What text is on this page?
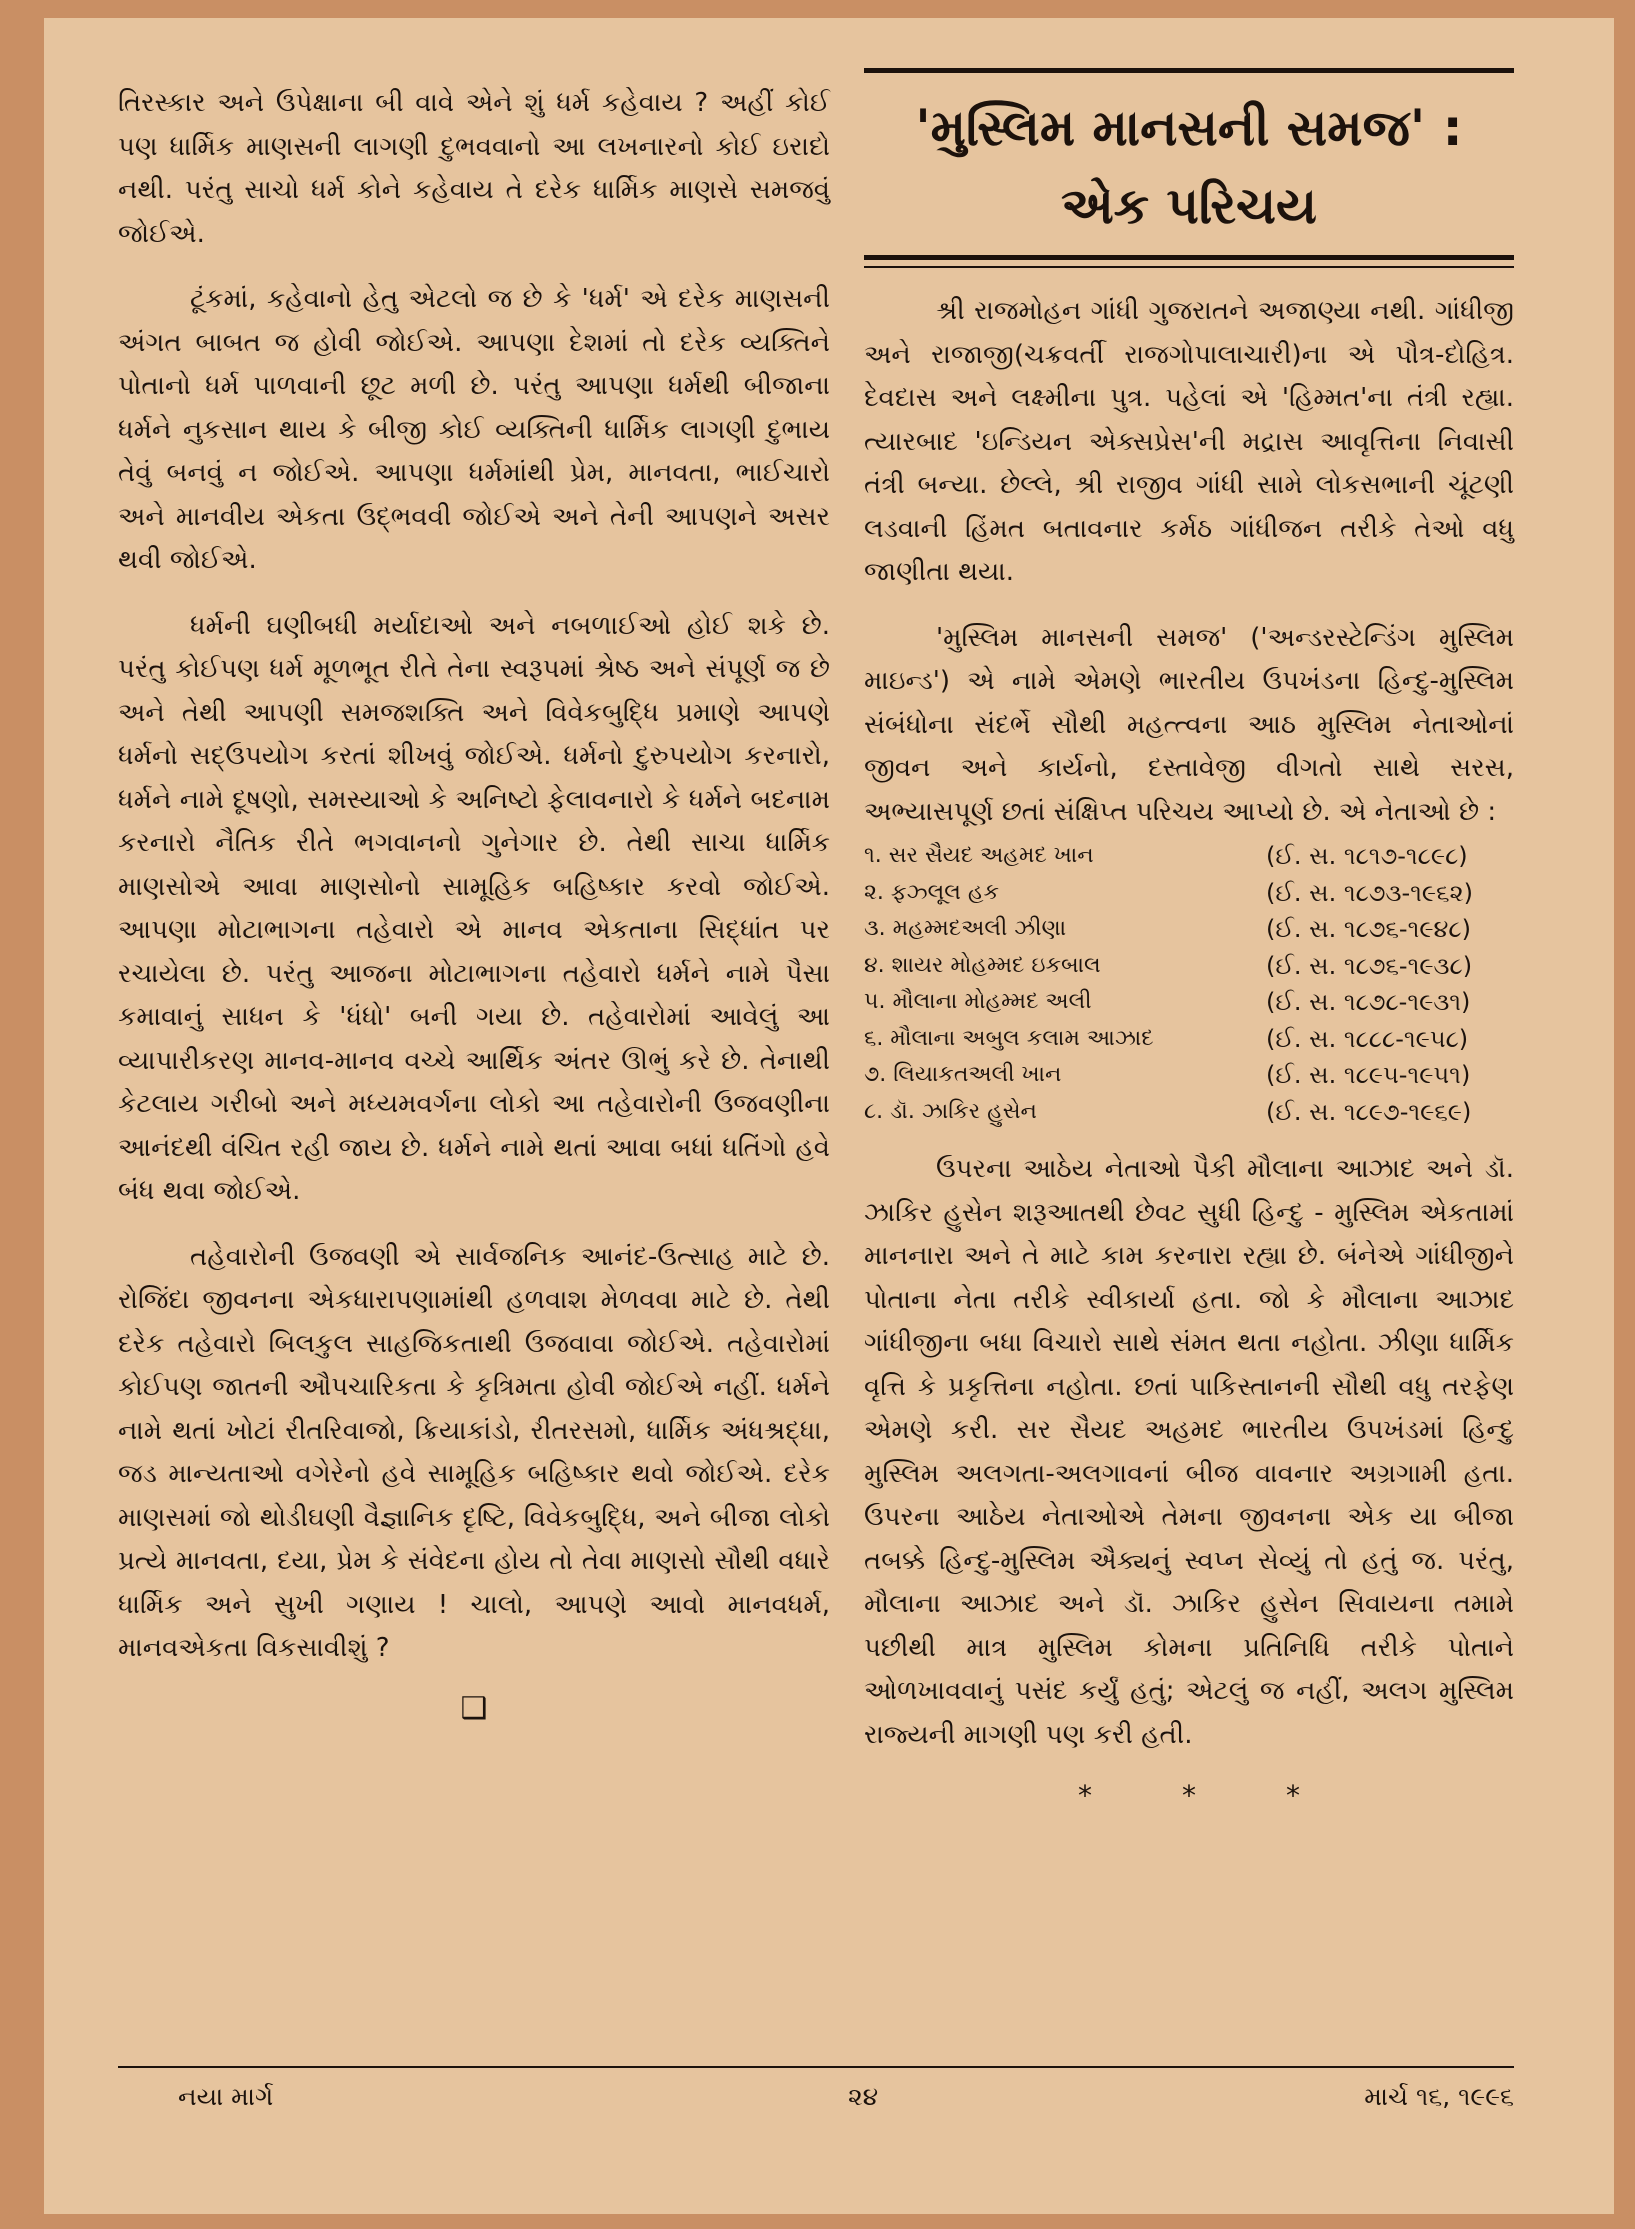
તિરસ્કાર અને ઉપેક્ષાના બી વાવે એને શું ધર્મ કહેવાય ? અહીં કોઈ પણ ધાર્મિક માણસની લાગણી દુભવવાનો આ લખનારનો કોઈ ઇરાદો નથી. પરંતુ સાચો ધર્મ કોને કહેવાય તે દરેક ધાર્મિક માણસે સમજવું જોઈએ.

ટૂંકમાં, કહેવાનો હેતુ એટલો જ છે કે 'ધર્મ' એ દરેક માણસની અંગત બાબત જ હોવી જોઈએ. આપણા દેશમાં તો દરેક વ્યક્તિને પોતાનો ધર્મ પાળવાની છૂટ મળી છે. પરંતુ આપણા ધર્મથી બીજાના ધર્મને નુકસાન થાય કે બીજી કોઈ વ્યક્તિની ધાર્મિક લાગણી દુભાય તેવું બનવું ન જોઈએ. આપણા ધર્મમાંથી પ્રેમ, માનવતા, ભાઈચારો અને માનવીય એકતા ઉદ્‌ભવવી જોઈએ અને તેની આપણને અસર થવી જોઈએ.

ધર્મની ઘણીબધી મર્યાદાઓ અને નબળાઈઓ હોઈ શકે છે. પરંતુ કોઈપણ ધર્મ મૂળભૂત રીતે તેના સ્વરૂપમાં શ્રેષ્ઠ અને સંપૂર્ણ જ છે અને તેથી આપણી સમજશક્તિ અને વિવેકબુદ્ધિ પ્રમાણે આપણે ધર્મનો સદ્‌ઉપયોગ કરતાં શીખવું જોઈએ. ધર્મનો દુરુપયોગ કરનારો, ધર્મને નામે દૂષણો, સમસ્યાઓ કે અનિષ્ટો ફેલાવનારો કે ધર્મને બદનામ કરનારો નૈતિક રીતે ભગવાનનો ગુનેગાર છે. તેથી સાચા ધાર્મિક માણસોએ આવા માણસોનો સામૂહિક બહિષ્કાર કરવો જોઈએ. આપણા મોટાભાગના તહેવારો એ માનવ એકતાના સિદ્ધાંત પર રચાયેલા છે. પરંતુ આજના મોટાભાગના તહેવારો ધર્મને નામે પૈસા કમાવાનું સાધન કે 'ધંધો' બની ગયા છે. તહેવારોમાં આવેલું આ વ્યાપારીકરણ માનવ-માનવ વચ્ચે આર્થિક અંતર ઊભું કરે છે. તેનાથી કેટલાય ગરીબો અને મધ્યમવર્ગના લોકો આ તહેવારોની ઉજવણીના આનંદથી વંચિત રહી જાય છે. ધર્મને નામે થતાં આવા બધાં ધતિંગો હવે બંધ થવા જોઈએ.

તહેવારોની ઉજવણી એ સાર્વજનિક આનંદ-ઉત્સાહ માટે છે. રોજિંદા જીવનના એકધારાપણામાંથી હળવાશ મેળવવા માટે છે. તેથી દરેક તહેવારો બિલકુલ સાહજિકતાથી ઉજવાવા જોઈએ. તહેવારોમાં કોઈપણ જાતની ઔપચારિકતા કે કૃત્રિમતા હોવી જોઈએ નહીં. ધર્મને નામે થતાં ખોટાં રીતરિવાજો, ક્રિયાકાંડો, રીતરસમો, ધાર્મિક અંધશ્રદ્ધા, જડ માન્યતાઓ વગેરેનો હવે સામૂહિક બહિષ્કાર થવો જોઈએ. દરેક માણસમાં જો થોડીઘણી વૈજ્ઞાનિક દૃષ્ટિ, વિવેકબુદ્ધિ, અને બીજા લોકો પ્રત્યે માનવતા, દયા, પ્રેમ કે સંવેદના હોય તો તેવા માણસો સૌથી વધારે ધાર્મિક અને સુખી ગણાય ! ચાલો, આપણે આવો માનવધર્મ, માનવએકતા વિકસાવીશું ?

❑
'મુસ્લિમ માનસની સમજ' :
એક પરિચય

શ્રી રાજમોહન ગાંધી ગુજરાતને અજાણ્યા નથી. ગાંધીજી અને રાજાજી(ચક્રવર્તી રાજગોપાલાચારી)ના એ પૌત્ર-દોહિત્ર. દેવદાસ અને લક્ષ્મીના પુત્ર. પહેલાં એ 'હિમ્મત'ના તંત્રી રહ્યા. ત્યારબાદ 'ઇન્ડિયન એક્સપ્રેસ'ની મદ્રાસ આવૃત્તિના નિવાસી તંત્રી બન્યા. છેલ્લે, શ્રી રાજીવ ગાંધી સામે લોકસભાની ચૂંટણી લડવાની હિંમત બતાવનાર કર્મઠ ગાંધીજન તરીકે તેઓ વધુ જાણીતા થયા.

'મુસ્લિમ માનસની સમજ' ('અન્ડરસ્ટેન્ડિંગ મુસ્લિમ માઇન્ડ') એ નામે એમણે ભારતીય ઉપખંડના હિન્દુ-મુસ્લિમ સંબંધોના સંદર્ભે સૌથી મહત્ત્વના આઠ મુસ્લિમ નેતાઓનાં જીવન અને કાર્યનો, દસ્તાવેજી વીગતો સાથે સરસ, અભ્યાસપૂર્ણ છતાં સંક્ષિપ્ત પરિચય આપ્યો છે. એ નેતાઓ છે :

૧. સર સૈયદ અહમદ ખાન	(ઈ. સ. ૧૮૧૭-૧૮૯૮)
૨. ફઝ્લૂલ હક	(ઈ. સ. ૧૮૭૩-૧૯૬૨)
૩. મહમ્મદઅલી ઝીણા	(ઈ. સ. ૧૮૭૬-૧૯૪૮)
૪. શાયર મોહમ્મદ ઇકબાલ	(ઈ. સ. ૧૮૭૬-૧૯૩૮)
૫. મૌલાના મોહમ્મદ અલી	(ઈ. સ. ૧૮૭૮-૧૯૩૧)
૬. મૌલાના અબુલ કલામ આઝાદ	(ઈ. સ. ૧૮૮૮-૧૯૫૮)
૭. લિયાકતઅલી ખાન	(ઈ. સ. ૧૮૯૫-૧૯૫૧)
૮. ડૉ. ઝાકિર હુસેન	(ઈ. સ. ૧૮૯૭-૧૯૬૯)

ઉપરના આઠેય નેતાઓ પૈકી મૌલાના આઝાદ અને ડૉ. ઝાકિર હુસેન શરૂઆતથી છેવટ સુધી હિન્દુ - મુસ્લિમ એકતામાં માનનારા અને તે માટે કામ કરનારા રહ્યા છે. બંનેએ ગાંધીજીને પોતાના નેતા તરીકે સ્વીકાર્યા હતા. જો કે મૌલાના આઝાદ ગાંધીજીના બધા વિચારો સાથે સંમત થતા નહોતા. ઝીણા ધાર્મિક વૃત્તિ કે પ્રકૃત્તિના નહોતા. છતાં પાકિસ્તાનની સૌથી વધુ તરફેણ એમણે કરી. સર સૈયદ અહમદ ભારતીય ઉપખંડમાં હિન્દુ મુસ્લિમ અલગતા-અલગાવનાં બીજ વાવનાર અગ્રગામી હતા. ઉપરના આઠેય નેતાઓએ તેમના જીવનના એક યા બીજા તબક્કે હિન્દુ-મુસ્લિમ ઐક્યનું સ્વપ્ન સેવ્યું તો હતું જ. પરંતુ, મૌલાના આઝાદ અને ડૉ. ઝાકિર હુસેન સિવાયના તમામે પછીથી માત્ર મુસ્લિમ કોમના પ્રતિનિધિ તરીકે પોતાને ઓળખાવવાનું પસંદ કર્યું હતું; એટલું જ નહીં, અલગ મુસ્લિમ રાજ્યની માગણી પણ કરી હતી.

***
નયા માર્ગ	૨૪	માર્ચ ૧૬, ૧૯૯૬
